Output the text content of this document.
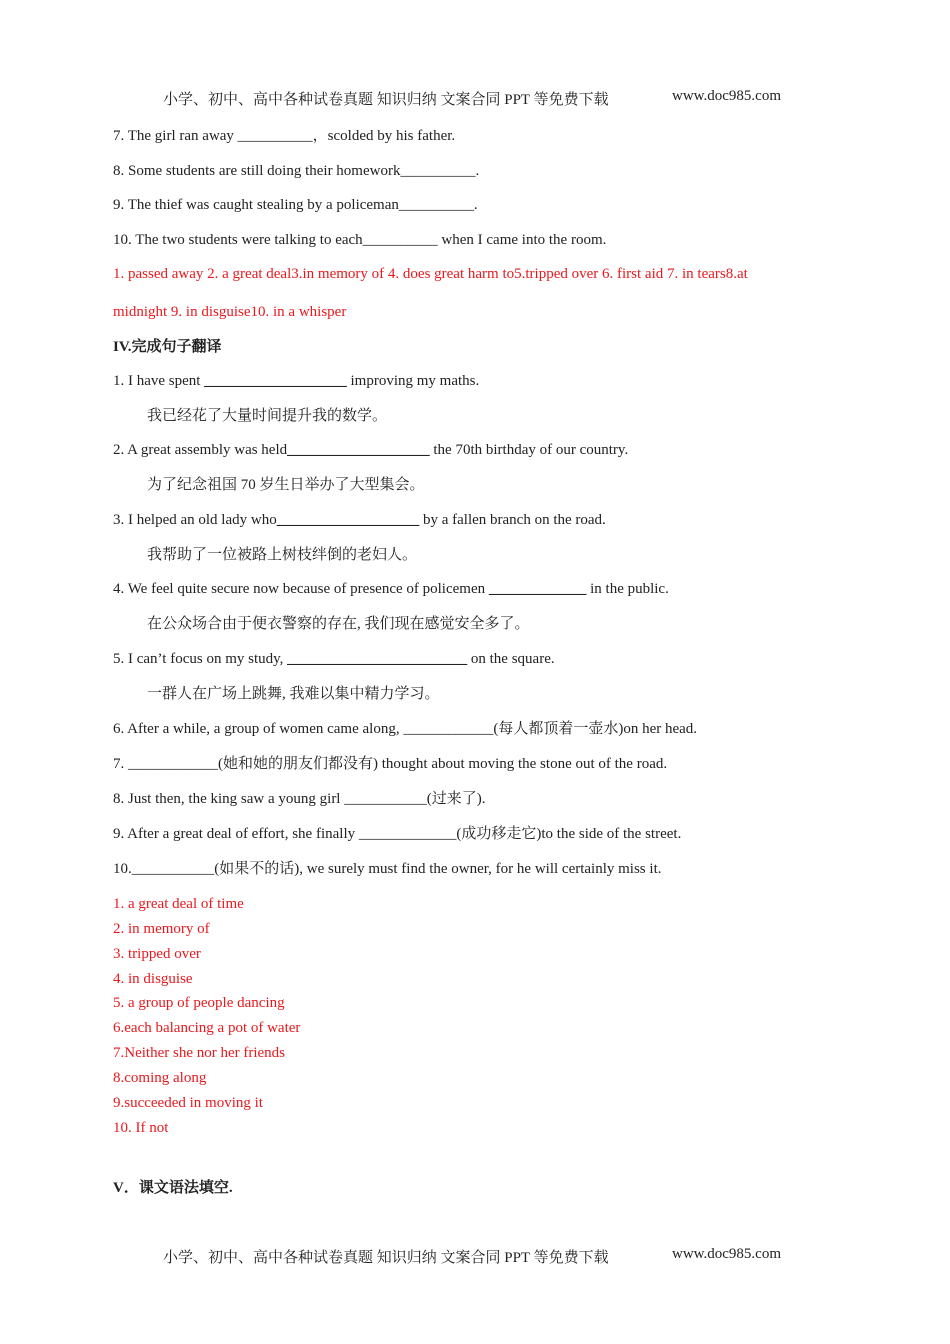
小学、初中、高中各种试卷真题 知识归纳 文案合同 PPT 等免费下载	www.doc985.com
7. The girl ran away __________，scolded by his father.
8. Some students are still doing their homework__________.
9. The thief was caught stealing by a policeman__________.
10. The two students were talking to each__________ when I came into the room.
1. passed away 2. a great deal3.in memory of 4. does great harm to5.tripped over 6. first aid 7. in tears8.at
midnight 9. in disguise10. in a whisper
IV.完成句子翻译
1. I have spent ___________________ improving my maths.
我已经花了大量时间提升我的数学。
2. A great assembly was held___________________ the 70th birthday of our country.
为了纪念祖国 70 岁生日举办了大型集会。
3. I helped an old lady who___________________ by a fallen branch on the road.
我帮助了一位被路上树枝绊倒的老妇人。
4. We feel quite secure now because of presence of policemen _____________ in the public.
在公众场合由于便衣警察的存在, 我们现在感觉安全多了。
5. I can’t focus on my study, ________________________ on the square.
一群人在广场上跳舞, 我难以集中精力学习。
6. After a while, a group of women came along, ____________(每人都顶着一壶水)on her head.
7. ____________(她和她的朋友们都没有) thought about moving the stone out of the road.
8. Just then, the king saw a young girl ___________(过来了).
9. After a great deal of effort, she finally _____________(成功移走它)to the side of the street.
10.___________(如果不的话), we surely must find the owner, for he will certainly miss it.
1. a great deal of time
2. in memory of
3. tripped over
4. in disguise
5. a group of people dancing
6.each balancing a pot of water
7.Neither she nor her friends
8.coming along
9.succeeded in moving it
10. If not
V．课文语法填空.
小学、初中、高中各种试卷真题 知识归纳 文案合同 PPT 等免费下载	www.doc985.com
